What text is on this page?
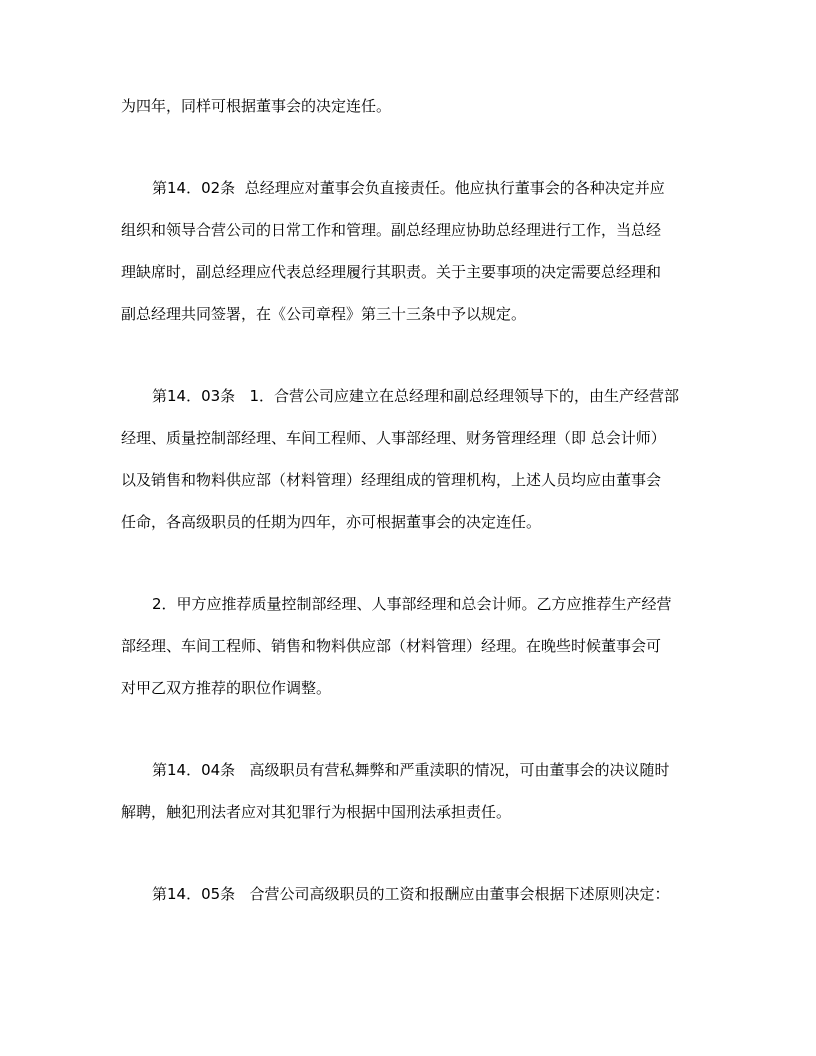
为四年，同样可根据董事会的决定连任。

第14．02条  总经理应对董事会负直接责任。他应执行董事会的各种决定并应

组织和领导合营公司的日常工作和管理。副总经理应协助总经理进行工作，当总经

理缺席时，副总经理应代表总经理履行其职责。关于主要事项的决定需要总经理和

副总经理共同签署，在《公司章程》第三十三条中予以规定。

第14．03条   1．合营公司应建立在总经理和副总经理领导下的，由生产经营部

经理、质量控制部经理、车间工程师、人事部经理、财务管理经理（即 总会计师）

以及销售和物料供应部（材料管理）经理组成的管理机构，上述人员均应由董事会

任命，各高级职员的任期为四年，亦可根据董事会的决定连任。

2．甲方应推荐质量控制部经理、人事部经理和总会计师。乙方应推荐生产经营

部经理、车间工程师、销售和物料供应部（材料管理）经理。在晚些时候董事会可

对甲乙双方推荐的职位作调整。

第14．04条   高级职员有营私舞弊和严重渎职的情况，可由董事会的决议随时

解聘，触犯刑法者应对其犯罪行为根据中国刑法承担责任。

第14．05条   合营公司高级职员的工资和报酬应由董事会根据下述原则决定：
